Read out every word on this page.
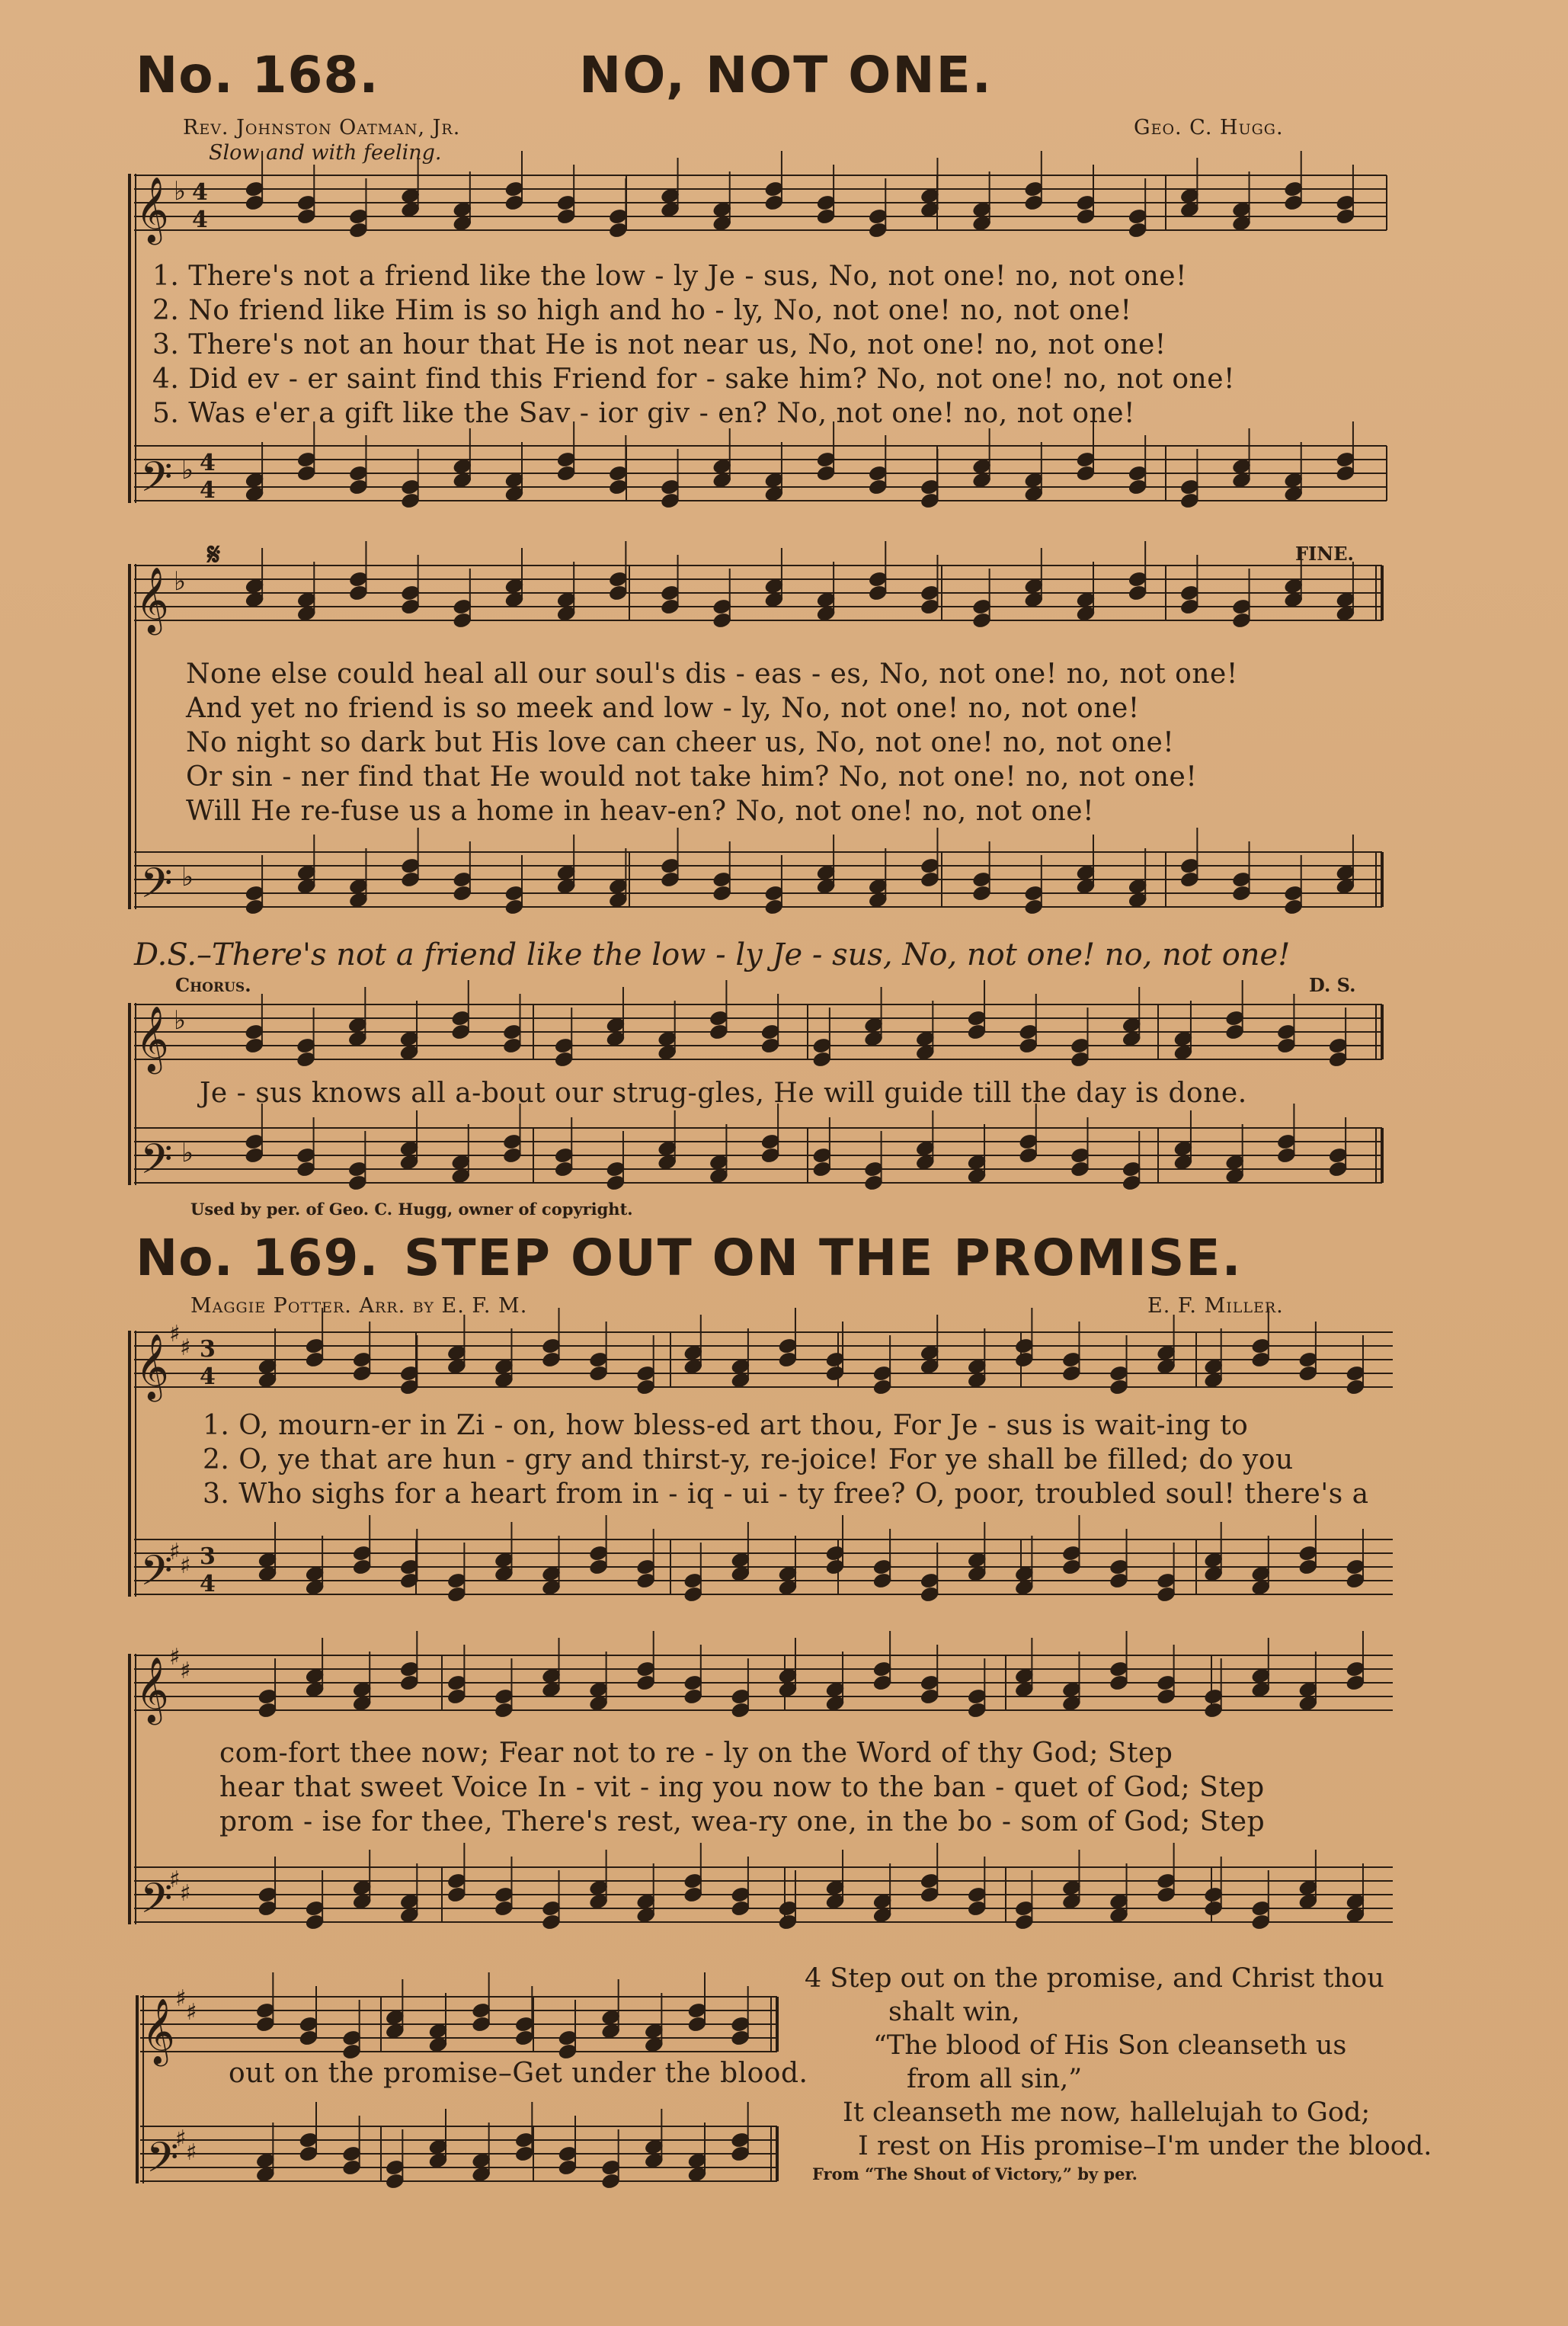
No. 168.	NO, NOT ONE.
Rev. Johnston Oatman, Jr.	Geo. C. Hugg.
Slow and with feeling.
𝄞
𝄢
𝄞
𝄢
𝄞
𝄢
𝄞
𝄢
𝄞
𝄢
𝄞
𝄢
♭
♭
♭
♭
♭
♭
♯
♯
♯
♯
♯
♯
♯
♯
♯
♯
♯
♯
4
4
4
4
3
4
3
4
1. There's not a friend like the low - ly Je - sus, No, not one! no, not one!
2. No friend like Him is so high and ho - ly, No, not one! no, not one!
3. There's not an hour that He is not near us, No, not one! no, not one!
4. Did ev - er saint find this Friend for - sake him? No, not one! no, not one!
5. Was e'er a gift like the Sav - ior giv - en? No, not one! no, not one!
𝄋	FINE.
None else could heal all our soul's dis - eas - es, No, not one! no, not one!
And yet no friend is so meek and low - ly, No, not one! no, not one!
No night so dark but His love can cheer us, No, not one! no, not one!
Or sin - ner find that He would not take him? No, not one! no, not one!
Will He re-fuse us a home in heav-en? No, not one! no, not one!
D.S.–There's not a friend like the low - ly Je - sus, No, not one! no, not one!
Chorus.	D. S.
Je - sus knows all a-bout our strug-gles, He will guide till the day is done.
Used by per. of Geo. C. Hugg, owner of copyright.
No. 169. STEP OUT ON THE PROMISE.
Maggie Potter. Arr. by E. F. M.	E. F. Miller.
1. O, mourn-er in Zi - on, how bless-ed art thou, For Je - sus is wait-ing to
2. O, ye that are hun - gry and thirst-y, re-joice! For ye shall be filled; do you
3. Who sighs for a heart from in - iq - ui - ty free? O, poor, troubled soul! there's a
com-fort thee now; Fear not to re - ly on the Word of thy God; Step
hear that sweet Voice In - vit - ing you now to the ban - quet of God; Step
prom - ise for thee, There's rest, wea-ry one, in the bo - som of God; Step
out on the promise–Get under the blood.
4 Step out on the promise, and Christ thou
shalt win,
“The blood of His Son cleanseth us
from all sin,”
It cleanseth me now, hallelujah to God;
I rest on His promise–I'm under the blood.
From “The Shout of Victory,” by per.
